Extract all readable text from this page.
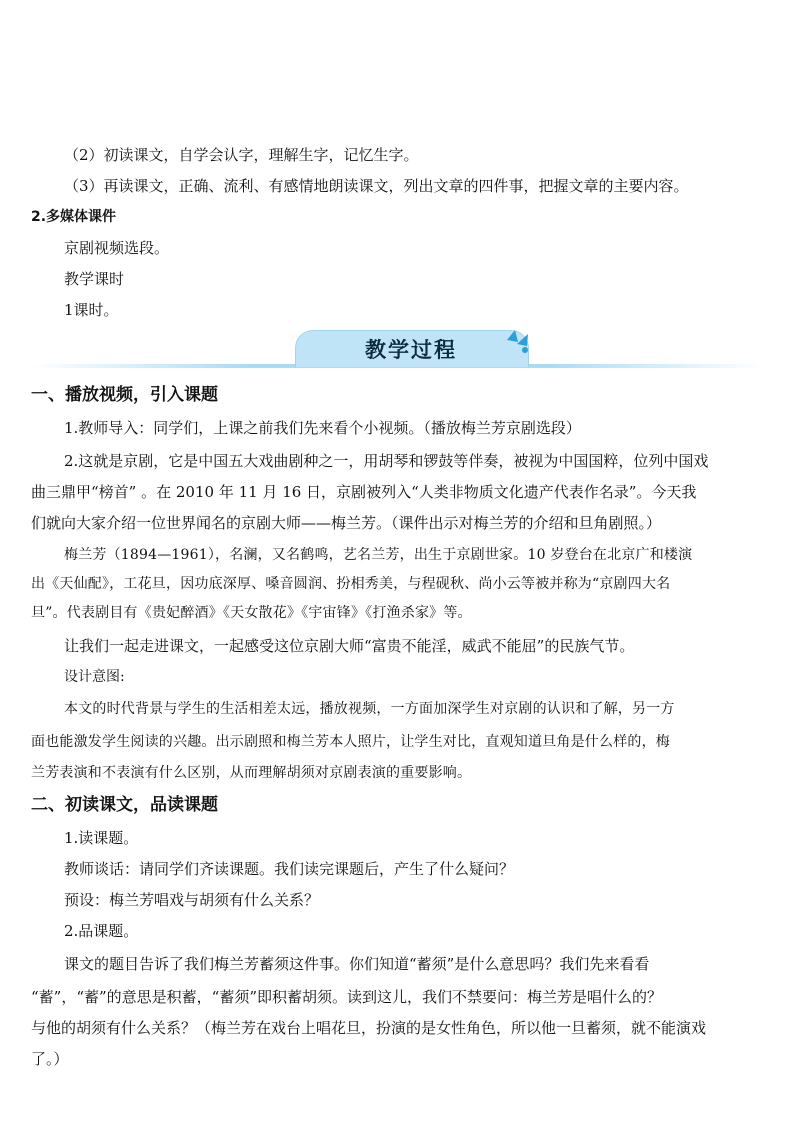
（2）初读课文，自学会认字，理解生字，记忆生字。
（3）再读课文，正确、流利、有感情地朗读课文，列出文章的四件事，把握文章的主要内容。
2.多媒体课件
京剧视频选段。
教学课时
1课时。
教学过程
一、播放视频，引入课题
1.教师导入：同学们，上课之前我们先来看个小视频。（播放梅兰芳京剧选段）
2.这就是京剧，它是中国五大戏曲剧种之一，用胡琴和锣鼓等伴奏，被视为中国国粹，位列中国戏
曲三鼎甲“榜首” 。在 2010 年 11 月 16 日，京剧被列入“人类非物质文化遗产代表作名录”。今天我
们就向大家介绍一位世界闻名的京剧大师——梅兰芳。（课件出示对梅兰芳的介绍和旦角剧照。）
梅兰芳（1894—1961），名澜，又名鹤鸣，艺名兰芳，出生于京剧世家。10 岁登台在北京广和楼演
出《天仙配》，工花旦，因功底深厚、嗓音圆润、扮相秀美，与程砚秋、尚小云等被并称为“京剧四大名
旦”。代表剧目有《贵妃醉酒》《天女散花》《宇宙锋》《打渔杀家》等。
让我们一起走进课文，一起感受这位京剧大师“富贵不能淫，威武不能屈”的民族气节。
设计意图:
本文的时代背景与学生的生活相差太远，播放视频，一方面加深学生对京剧的认识和了解，另一方
面也能激发学生阅读的兴趣。出示剧照和梅兰芳本人照片，让学生对比，直观知道旦角是什么样的，梅
兰芳表演和不表演有什么区别，从而理解胡须对京剧表演的重要影响。
二、初读课文，品读课题
1.读课题。
教师谈话：请同学们齐读课题。我们读完课题后，产生了什么疑问？
预设：梅兰芳唱戏与胡须有什么关系？
2.品课题。
课文的题目告诉了我们梅兰芳蓄须这件事。你们知道“蓄须”是什么意思吗？我们先来看看
“蓄”，“蓄”的意思是积蓄，“蓄须”即积蓄胡须。读到这儿，我们不禁要问：梅兰芳是唱什么的？
与他的胡须有什么关系？（梅兰芳在戏台上唱花旦，扮演的是女性角色，所以他一旦蓄须，就不能演戏
了。）
